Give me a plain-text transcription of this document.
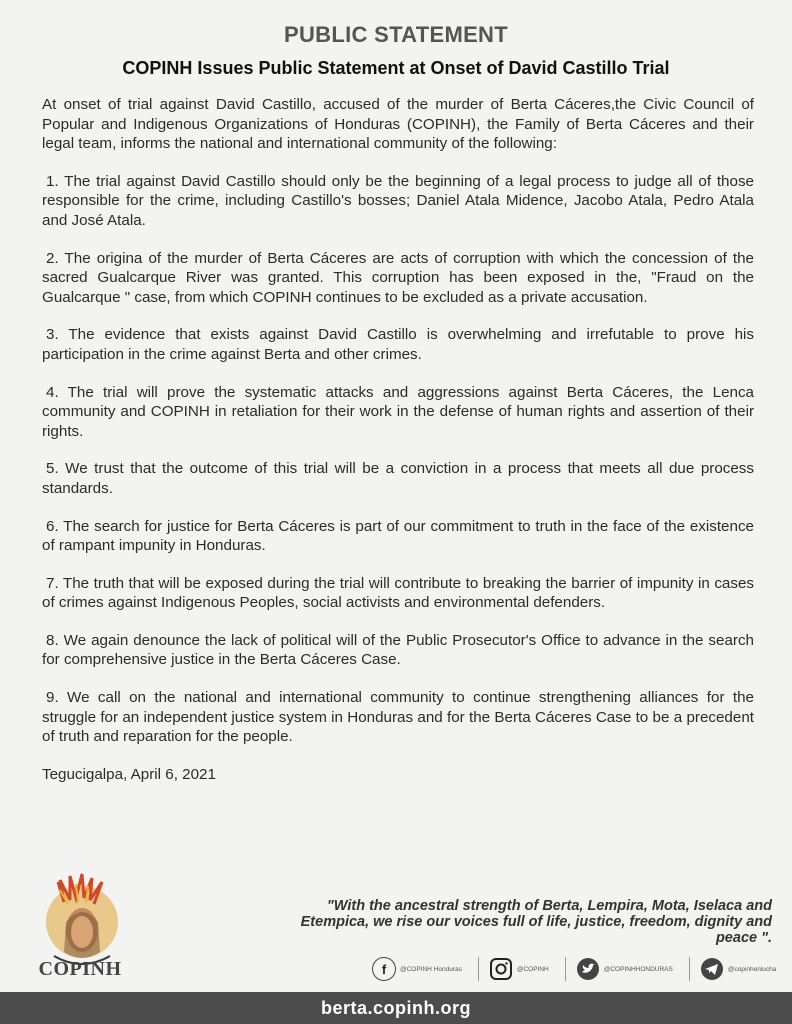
PUBLIC STATEMENT
COPINH Issues Public Statement at Onset of David Castillo Trial

At onset of trial against David Castillo, accused of the murder of Berta Cáceres,the Civic Council of Popular and Indigenous Organizations of Honduras (COPINH), the Family of Berta Cáceres and their legal team, informs the national and international community of the following:

1. The trial against David Castillo should only be the beginning of a legal process to judge all of those responsible for the crime, including Castillo's bosses; Daniel Atala Midence, Jacobo Atala, Pedro Atala and José Atala.

2. The origina of the murder of Berta Cáceres are acts of corruption with which the concession of the sacred Gualcarque River was granted. This corruption has been exposed in the, "Fraud on the Gualcarque " case, from which COPINH continues to be excluded as a private accusation.

3. The evidence that exists against David Castillo is overwhelming and irrefutable to prove his participation in the crime against Berta and other crimes.

4. The trial will prove the systematic attacks and aggressions against Berta Cáceres, the Lenca community and COPINH in retaliation for their work in the defense of human rights and assertion of their rights.

5. We trust that the outcome of this trial will be a conviction in a process that meets all due process standards.

6. The search for justice for Berta Cáceres is part of our commitment to truth in the face of the existence of rampant impunity in Honduras.

7. The truth that will be exposed during the trial will contribute to breaking the barrier of impunity in cases of crimes against Indigenous Peoples, social activists and environmental defenders.

8. We again denounce the lack of political will of the Public Prosecutor's Office to advance in the search for comprehensive justice in the Berta Cáceres Case.

9. We call on the national and international community to continue strengthening alliances for the struggle for an independent justice system in Honduras and for the Berta Cáceres Case to be a precedent of truth and reparation for the people.

Tegucigalpa, April 6, 2021

COPINH
"With the ancestral strength of Berta, Lempira, Mota, Iselaca and Etempica, we rise our voices full of life, justice, freedom, dignity and peace ".
f	@COPINH Honduras	@COPINH	@COPINHHONDURAS	@copinhenlucha
berta.copinh.org
